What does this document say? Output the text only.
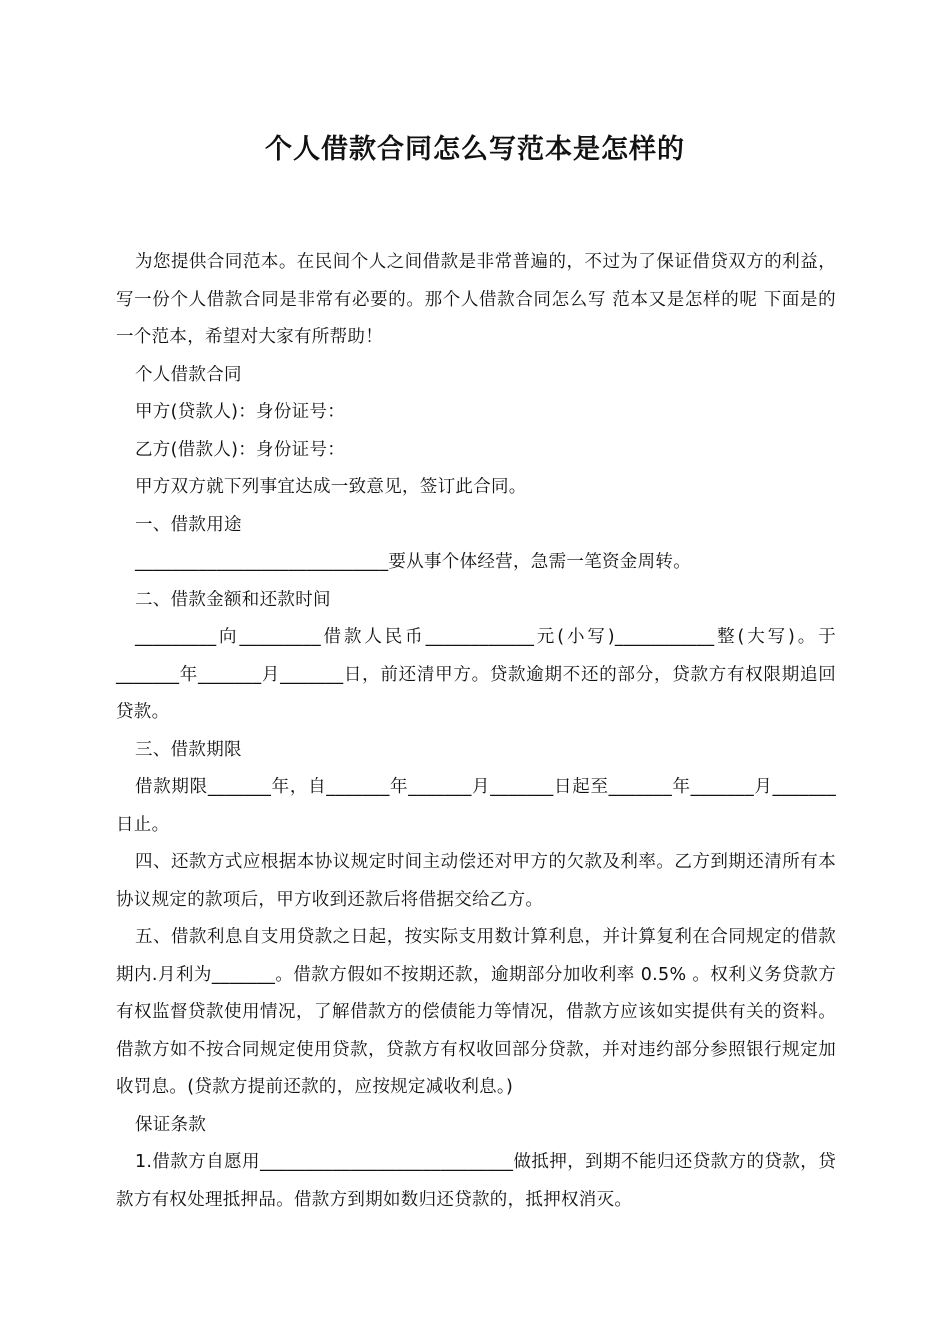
个人借款合同怎么写范本是怎样的

为您提供合同范本。在民间个人之间借款是非常普遍的，不过为了保证借贷双方的利益，写一份个人借款合同是非常有必要的。那个人借款合同怎么写 范本又是怎样的呢 下面是的一个范本，希望对大家有所帮助！

个人借款合同

甲方(贷款人)：身份证号：

乙方(借款人)：身份证号：

甲方双方就下列事宜达成一致意见，签订此合同。

一、借款用途

____________________________要从事个体经营，急需一笔资金周转。

二、借款金额和还款时间

_________向_________借款人民币____________元(小写)___________整(大写)。于_______年_______月_______日，前还清甲方。贷款逾期不还的部分，贷款方有权限期追回贷款。

三、借款期限

借款期限_______年，自_______年_______月_______日起至_______年_______月_______日止。

四、还款方式应根据本协议规定时间主动偿还对甲方的欠款及利率。乙方到期还清所有本协议规定的款项后，甲方收到还款后将借据交给乙方。

五、借款利息自支用贷款之日起，按实际支用数计算利息，并计算复利在合同规定的借款期内.月利为_______。借款方假如不按期还款，逾期部分加收利率 0.5% 。权利义务贷款方有权监督贷款使用情况，了解借款方的偿债能力等情况，借款方应该如实提供有关的资料。借款方如不按合同规定使用贷款，贷款方有权收回部分贷款，并对违约部分参照银行规定加收罚息。(贷款方提前还款的，应按规定减收利息。)

保证条款

1.借款方自愿用____________________________做抵押，到期不能归还贷款方的贷款，贷款方有权处理抵押品。借款方到期如数归还贷款的，抵押权消灭。
